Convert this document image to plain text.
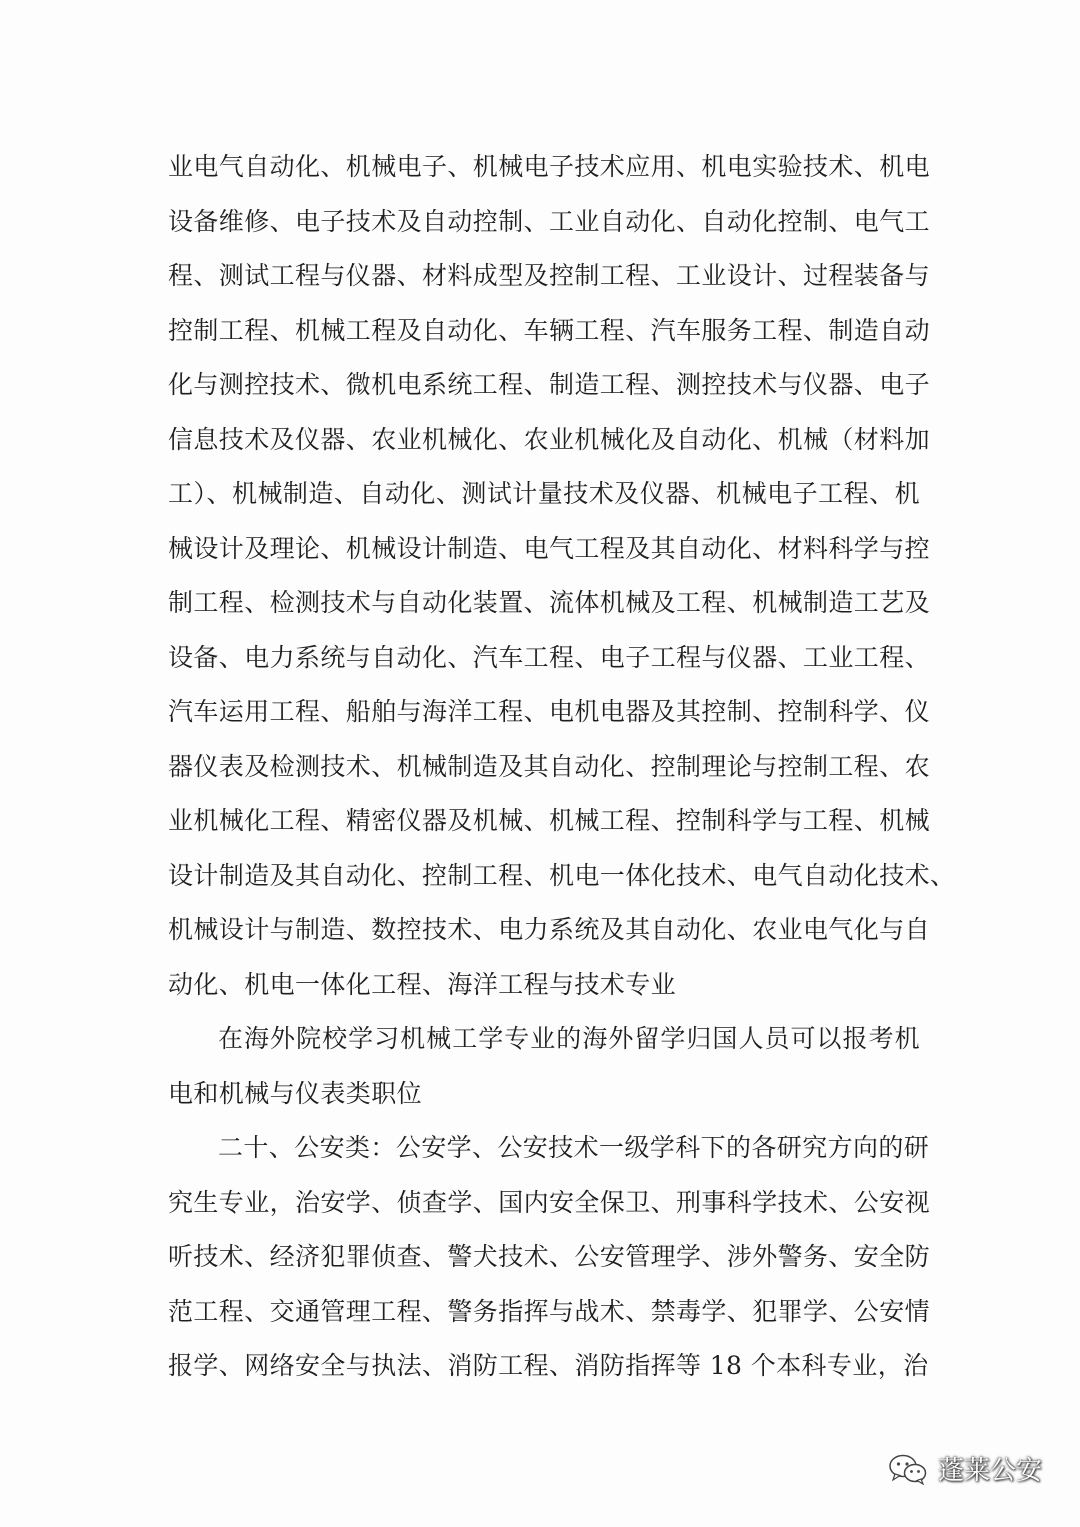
业电气自动化、机械电子、机械电子技术应用、机电实验技术、机电
设备维修、电子技术及自动控制、工业自动化、自动化控制、电气工
程、测试工程与仪器、材料成型及控制工程、工业设计、过程装备与
控制工程、机械工程及自动化、车辆工程、汽车服务工程、制造自动
化与测控技术、微机电系统工程、制造工程、测控技术与仪器、电子
信息技术及仪器、农业机械化、农业机械化及自动化、机械（材料加
工）、机械制造、自动化、测试计量技术及仪器、机械电子工程、机
械设计及理论、机械设计制造、电气工程及其自动化、材料科学与控
制工程、检测技术与自动化装置、流体机械及工程、机械制造工艺及
设备、电力系统与自动化、汽车工程、电子工程与仪器、工业工程、
汽车运用工程、船舶与海洋工程、电机电器及其控制、控制科学、仪
器仪表及检测技术、机械制造及其自动化、控制理论与控制工程、农
业机械化工程、精密仪器及机械、机械工程、控制科学与工程、机械
设计制造及其自动化、控制工程、机电一体化技术、电气自动化技术、
机械设计与制造、数控技术、电力系统及其自动化、农业电气化与自
动化、机电一体化工程、海洋工程与技术专业
在海外院校学习机械工学专业的海外留学归国人员可以报考机
电和机械与仪表类职位
二十、公安类：公安学、公安技术一级学科下的各研究方向的研
究生专业，治安学、侦查学、国内安全保卫、刑事科学技术、公安视
听技术、经济犯罪侦查、警犬技术、公安管理学、涉外警务、安全防
范工程、交通管理工程、警务指挥与战术、禁毒学、犯罪学、公安情
报学、网络安全与执法、消防工程、消防指挥等 18 个本科专业，治
蓬莱公安
